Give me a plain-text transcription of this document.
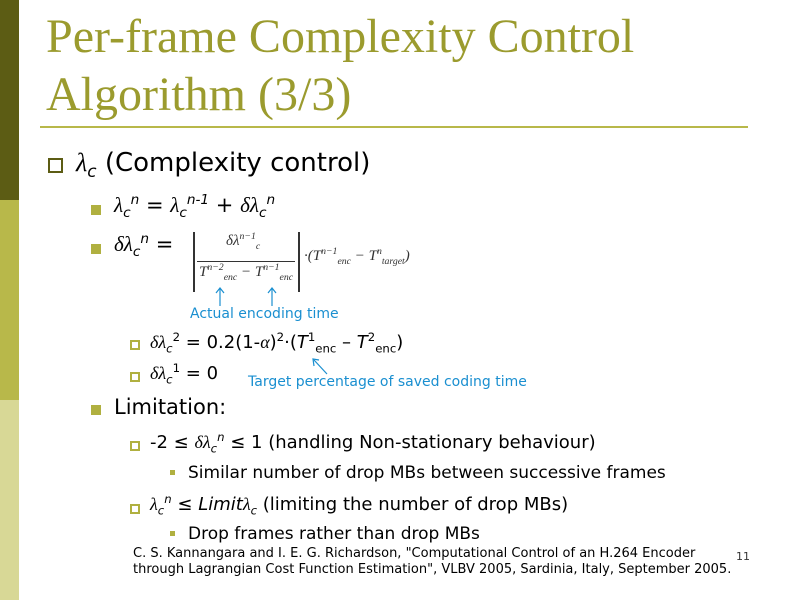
Per-frame Complexity Control
Algorithm (3/3)
$\lambda_c$ (Complexity control)
$\lambda_c^n = \lambda_c^{n-1} + \delta\lambda_c^n$
$\delta\lambda_c^n$ =	$\delta\lambda^{n-1}_c$
$T^{n-2}_{enc} - T^{n-1}_{enc}$
$\cdot(T^{n-1}_{enc} - T^n_{target})$
Actual encoding time
$\delta\lambda_c^2 = 0.2(1-\alpha)^2\cdot(T^1_{enc} - T^2_{enc})$
$\delta\lambda_c^1 = 0$ Target percentage of saved coding time
Limitation:
$-2 \le \delta\lambda_c^n \le 1$ (handling Non-stationary behaviour)
Similar number of drop MBs between successive frames
$\lambda_c^n$ ≤ Limitλ$_c$ (limiting the number of drop MBs)
Drop frames rather than drop MBs
C. S. Kannangara and I. E. G. Richardson, "Computational Control of an H.264 Encoder through Lagrangian Cost Function Estimation", VLBV 2005, Sardinia, Italy, September 2005.
11
